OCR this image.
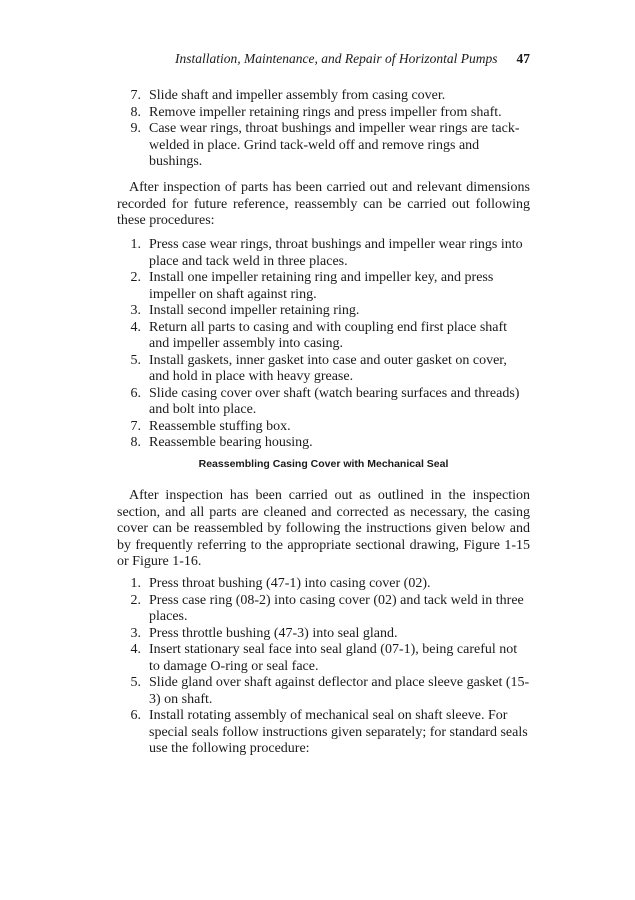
Installation, Maintenance, and Repair of Horizontal Pumps 47
7. Slide shaft and impeller assembly from casing cover.
8. Remove impeller retaining rings and press impeller from shaft.
9. Case wear rings, throat bushings and impeller wear rings are tack-welded in place. Grind tack-weld off and remove rings and bushings.

After inspection of parts has been carried out and relevant dimensions recorded for future reference, reassembly can be carried out following these procedures:

1. Press case wear rings, throat bushings and impeller wear rings into place and tack weld in three places.
2. Install one impeller retaining ring and impeller key, and press impeller on shaft against ring.
3. Install second impeller retaining ring.
4. Return all parts to casing and with coupling end first place shaft and impeller assembly into casing.
5. Install gaskets, inner gasket into case and outer gasket on cover, and hold in place with heavy grease.
6. Slide casing cover over shaft (watch bearing surfaces and threads) and bolt into place.
7. Reassemble stuffing box.
8. Reassemble bearing housing.
Reassembling Casing Cover with Mechanical Seal

After inspection has been carried out as outlined in the inspection section, and all parts are cleaned and corrected as necessary, the casing cover can be reassembled by following the instructions given below and by frequently referring to the appropriate sectional drawing, Figure 1-15 or Figure 1-16.

1. Press throat bushing (47-1) into casing cover (02).
2. Press case ring (08-2) into casing cover (02) and tack weld in three places.
3. Press throttle bushing (47-3) into seal gland.
4. Insert stationary seal face into seal gland (07-1), being careful not to damage O-ring or seal face.
5. Slide gland over shaft against deflector and place sleeve gasket (15-3) on shaft.
6. Install rotating assembly of mechanical seal on shaft sleeve. For special seals follow instructions given separately; for standard seals use the following procedure:
